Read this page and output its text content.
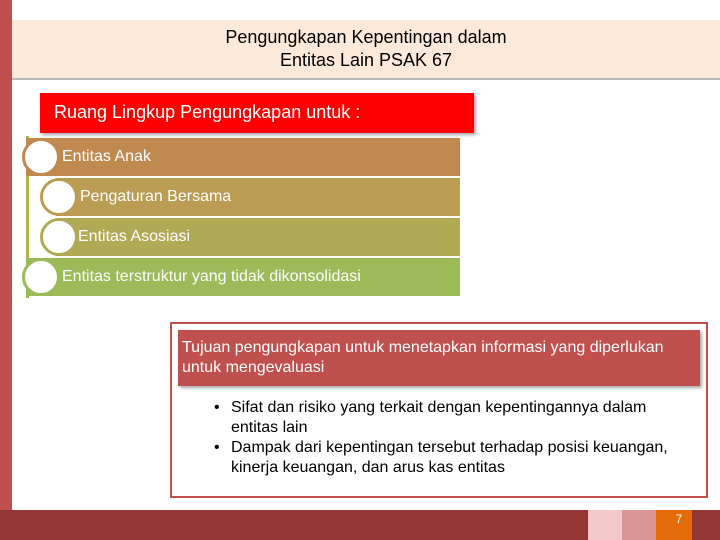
Pengungkapan Kepentingan dalam
Entitas Lain PSAK 67
Ruang Lingkup Pengungkapan untuk :
Entitas Anak
Pengaturan Bersama
Entitas Asosiasi
Entitas terstruktur yang tidak dikonsolidasi
Tujuan pengungkapan untuk menetapkan informasi yang diperlukan untuk mengevaluasi
• Sifat dan risiko yang terkait dengan kepentingannya dalam entitas lain
• Dampak dari kepentingan tersebut terhadap posisi keuangan, kinerja keuangan, dan arus kas entitas
7
